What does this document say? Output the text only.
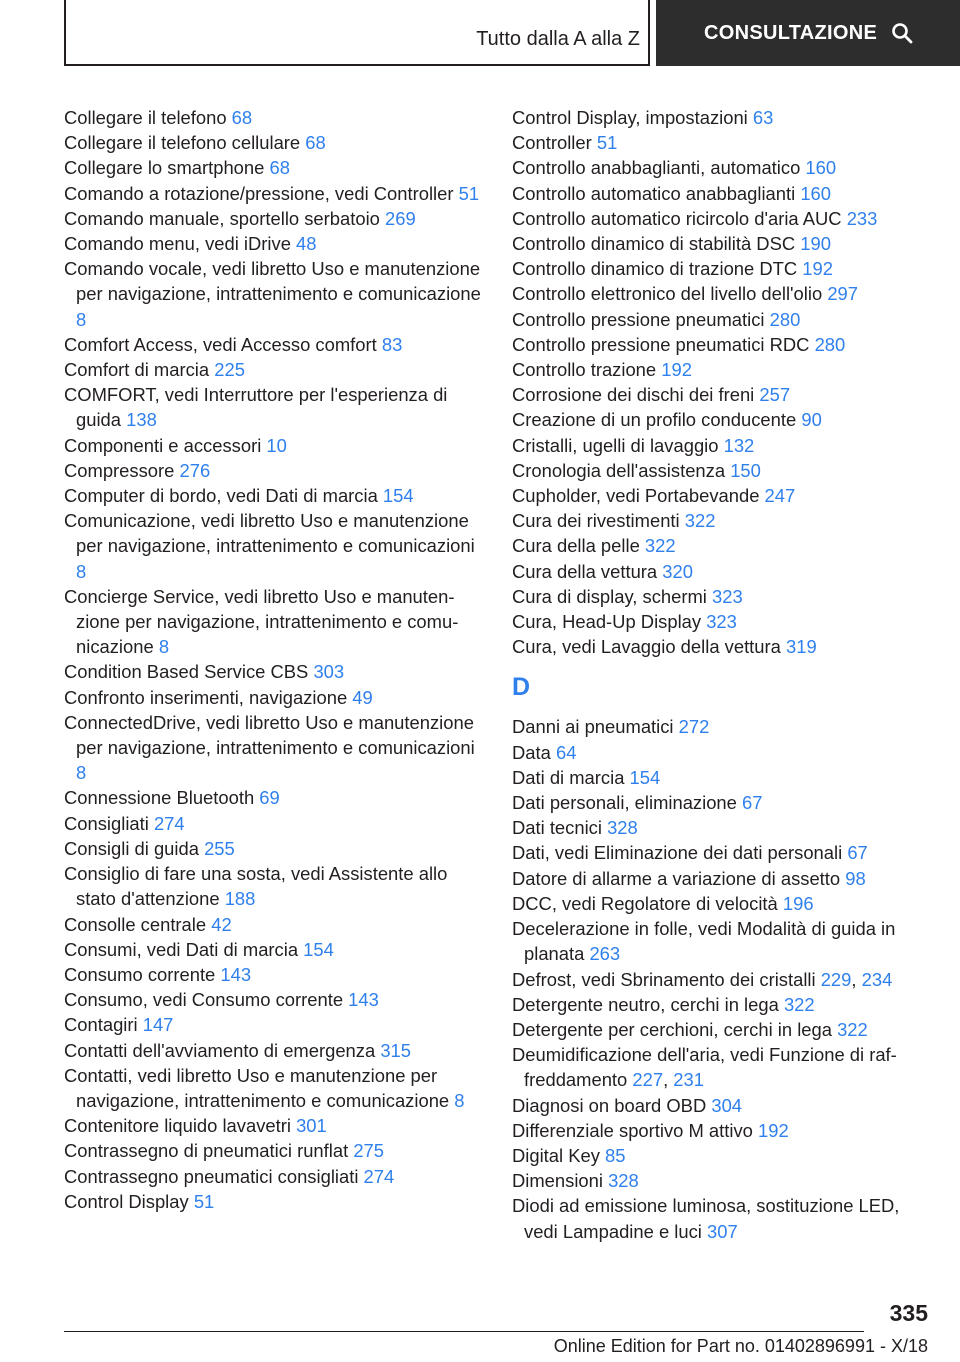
Tutto dalla A alla Z	CONSULTAZIONE

Collegare il telefono 68

Collegare il telefono cellulare 68

Collegare lo smartphone 68

Comando a rotazione/pressione, vedi Controller 51

Comando manuale, sportello serbatoio 269

Comando menu, vedi iDrive 48

Comando vocale, vedi libretto Uso e manutenzione per navigazione, intrattenimento e comunicazione 8

Comfort Access, vedi Accesso comfort 83

Comfort di marcia 225

COMFORT, vedi Interruttore per l'esperienza di guida 138

Componenti e accessori 10

Compressore 276

Computer di bordo, vedi Dati di marcia 154

Comunicazione, vedi libretto Uso e manutenzione per navigazione, intrattenimento e comunicazioni 8

Concierge Service, vedi libretto Uso e manutenzione per navigazione, intrattenimento e comunicazione 8

Condition Based Service CBS 303

Confronto inserimenti, navigazione 49

ConnectedDrive, vedi libretto Uso e manutenzione per navigazione, intrattenimento e comunicazioni 8

Connessione Bluetooth 69

Consigliati 274

Consigli di guida 255

Consiglio di fare una sosta, vedi Assistente allo stato d'attenzione 188

Consolle centrale 42

Consumi, vedi Dati di marcia 154

Consumo corrente 143

Consumo, vedi Consumo corrente 143

Contagiri 147

Contatti dell'avviamento di emergenza 315

Contatti, vedi libretto Uso e manutenzione per navigazione, intrattenimento e comunicazione 8

Contenitore liquido lavavetri 301

Contrassegno di pneumatici runflat 275

Contrassegno pneumatici consigliati 274

Control Display 51

Control Display, impostazioni 63

Controller 51

Controllo anabbaglianti, automatico 160

Controllo automatico anabbaglianti 160

Controllo automatico ricircolo d'aria AUC 233

Controllo dinamico di stabilità DSC 190

Controllo dinamico di trazione DTC 192

Controllo elettronico del livello dell'olio 297

Controllo pressione pneumatici 280

Controllo pressione pneumatici RDC 280

Controllo trazione 192

Corrosione dei dischi dei freni 257

Creazione di un profilo conducente 90

Cristalli, ugelli di lavaggio 132

Cronologia dell'assistenza 150

Cupholder, vedi Portabevande 247

Cura dei rivestimenti 322

Cura della pelle 322

Cura della vettura 320

Cura di display, schermi 323

Cura, Head-Up Display 323

Cura, vedi Lavaggio della vettura 319

D

Danni ai pneumatici 272

Data 64

Dati di marcia 154

Dati personali, eliminazione 67

Dati tecnici 328

Dati, vedi Eliminazione dei dati personali 67

Datore di allarme a variazione di assetto 98

DCC, vedi Regolatore di velocità 196

Decelerazione in folle, vedi Modalità di guida in planata 263

Defrost, vedi Sbrinamento dei cristalli 229, 234

Detergente neutro, cerchi in lega 322

Detergente per cerchioni, cerchi in lega 322

Deumidificazione dell'aria, vedi Funzione di raffreddamento 227, 231

Diagnosi on board OBD 304

Differenziale sportivo M attivo 192

Digital Key 85

Dimensioni 328

Diodi ad emissione luminosa, sostituzione LED, vedi Lampadine e luci 307

335
Online Edition for Part no. 01402896991 - X/18
